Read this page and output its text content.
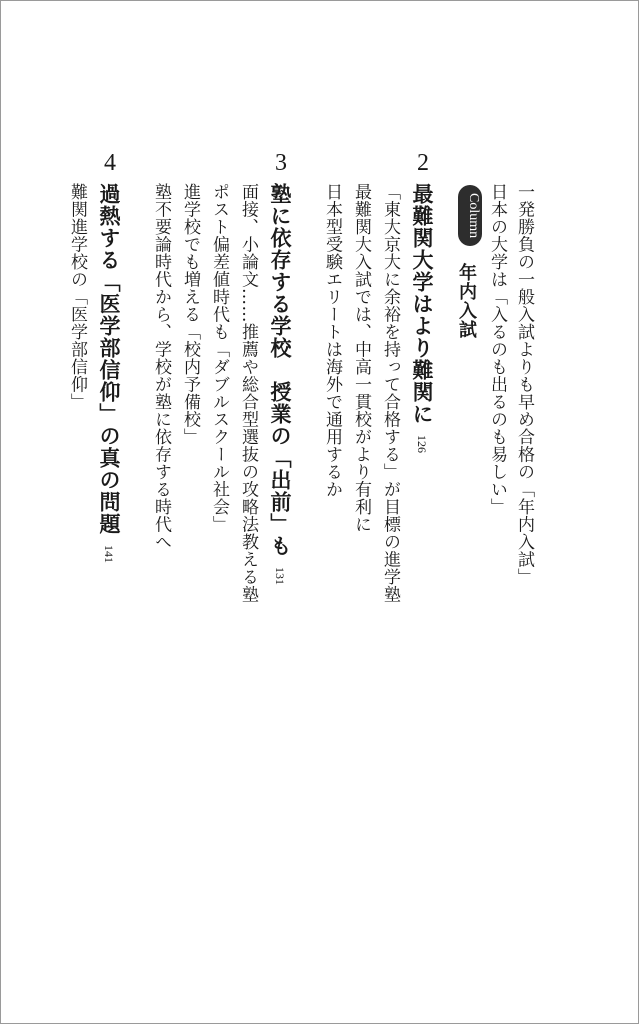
一発勝負の一般入試よりも早め合格の「年内入試」
日本の大学は「入るのも出るのも易しい」
Column
年内入試
2
最難関大学はより難関に126
「東大京大に余裕を持って合格する」が目標の進学塾
最難関大入試では、中高一貫校がより有利に
日本型受験エリートは海外で通用するか
3
塾に依存する学校　授業の「出前」も131
面接、小論文……推薦や総合型選抜の攻略法教える塾
ポスト偏差値時代も「ダブルスクール社会」
進学校でも増える「校内予備校」
塾不要論時代から、学校が塾に依存する時代へ
4
過熱する「医学部信仰」の真の問題141
難関進学校の「医学部信仰」
